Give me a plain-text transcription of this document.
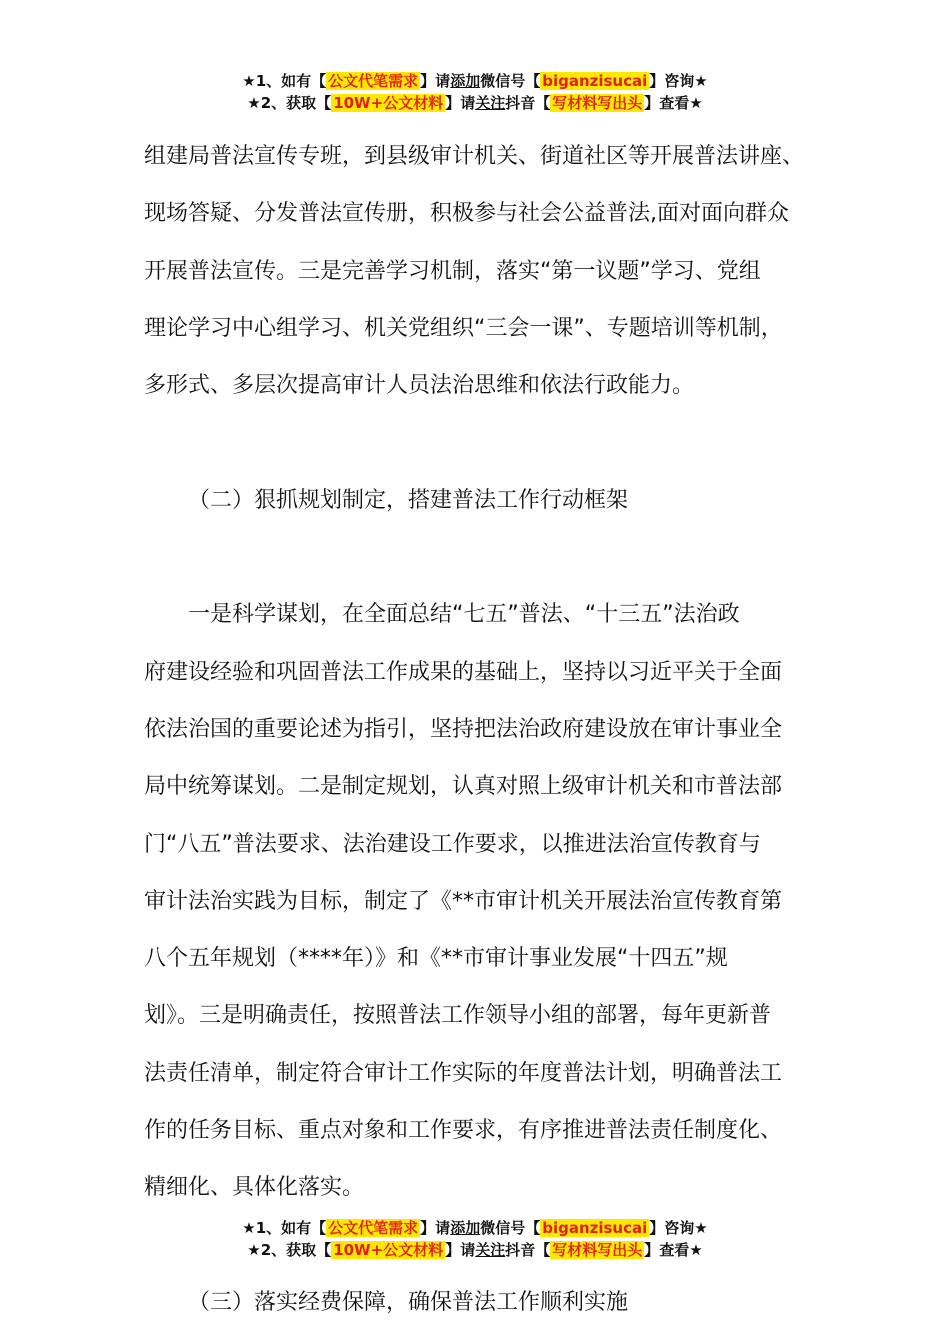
★1、如有【 公文代笔需求 】请添加微信号【 biganzisucai 】咨询★
★2、获取【 10W+公文材料 】请关注抖音【 写材料写出头 】查看★
组建局普法宣传专班，到县级审计机关、街道社区等开展普法讲座、
现场答疑、分发普法宣传册，积极参与社会公益普法,面对面向群众
开展普法宣传。三是完善学习机制，落实“第一议题”学习、党组
理论学习中心组学习、机关党组织“三会一课”、专题培训等机制，
多形式、多层次提高审计人员法治思维和依法行政能力。
（二）狠抓规划制定，搭建普法工作行动框架
一是科学谋划，在全面总结“七五”普法、“十三五”法治政
府建设经验和巩固普法工作成果的基础上，坚持以习近平关于全面
依法治国的重要论述为指引，坚持把法治政府建设放在审计事业全
局中统筹谋划。二是制定规划，认真对照上级审计机关和市普法部
门“八五”普法要求、法治建设工作要求，以推进法治宣传教育与
审计法治实践为目标，制定了《**市审计机关开展法治宣传教育第
八个五年规划（****年）》和《**市审计事业发展“十四五”规
划》。三是明确责任，按照普法工作领导小组的部署，每年更新普
法责任清单，制定符合审计工作实际的年度普法计划，明确普法工
作的任务目标、重点对象和工作要求，有序推进普法责任制度化、
精细化、具体化落实。
（三）落实经费保障，确保普法工作顺利实施
★1、如有【 公文代笔需求 】请添加微信号【 biganzisucai 】咨询★
★2、获取【 10W+公文材料 】请关注抖音【 写材料写出头 】查看★
